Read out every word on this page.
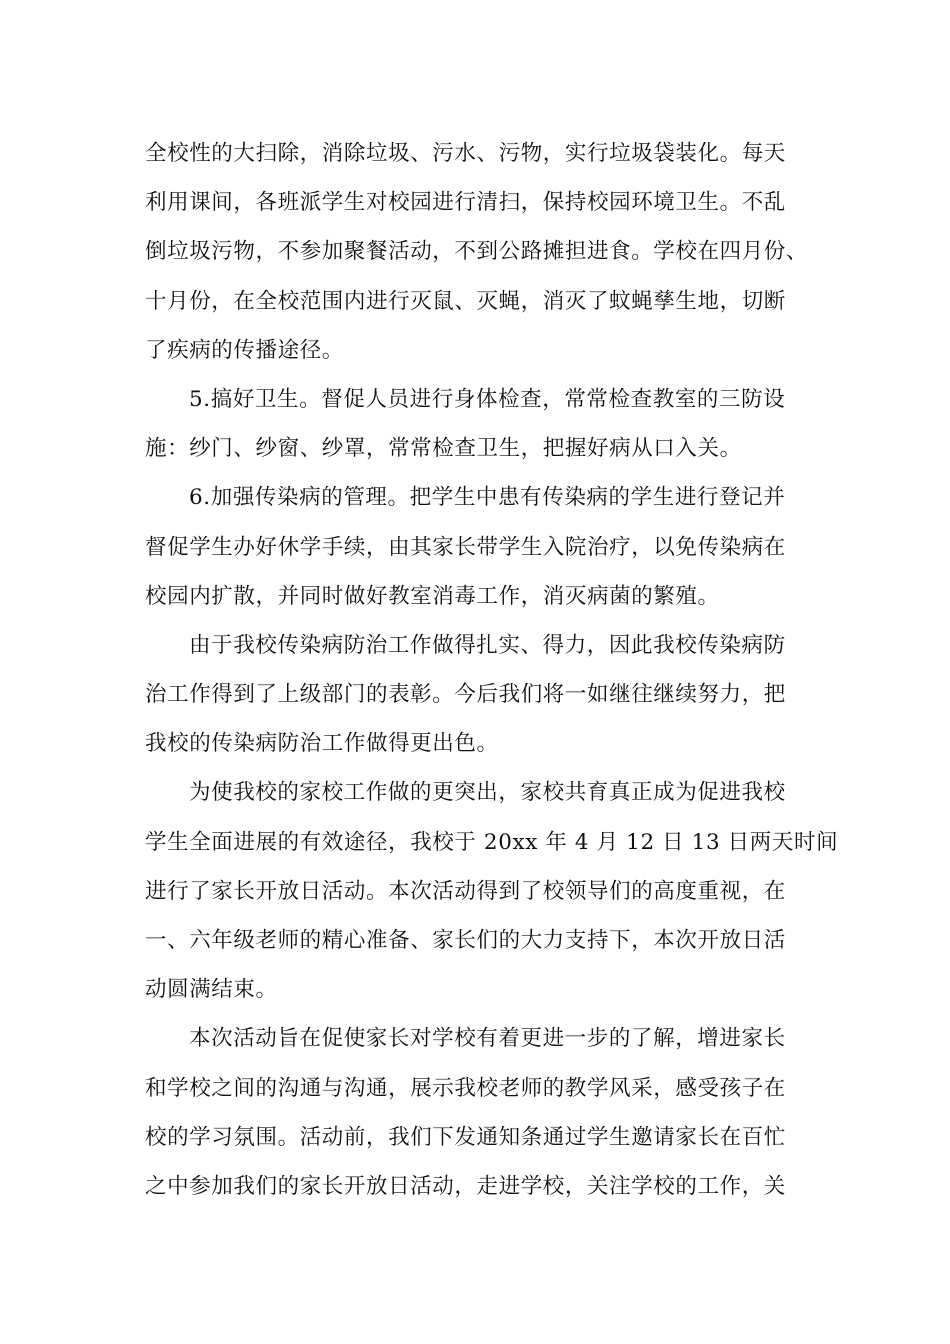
全校性的大扫除，消除垃圾、污水、污物，实行垃圾袋装化。每天
利用课间，各班派学生对校园进行清扫，保持校园环境卫生。不乱
倒垃圾污物，不参加聚餐活动，不到公路摊担进食。学校在四月份、
十月份，在全校范围内进行灭鼠、灭蝇，消灭了蚊蝇孳生地，切断
了疾病的传播途径。

5.搞好卫生。督促人员进行身体检查，常常检查教室的三防设
施：纱门、纱窗、纱罩，常常检查卫生，把握好病从口入关。

6.加强传染病的管理。把学生中患有传染病的学生进行登记并
督促学生办好休学手续，由其家长带学生入院治疗，以免传染病在
校园内扩散，并同时做好教室消毒工作，消灭病菌的繁殖。

由于我校传染病防治工作做得扎实、得力，因此我校传染病防
治工作得到了上级部门的表彰。今后我们将一如继往继续努力，把
我校的传染病防治工作做得更出色。

为使我校的家校工作做的更突出，家校共育真正成为促进我校
学生全面进展的有效途径，我校于 20xx 年 4 月 12 日 13 日两天时间
进行了家长开放日活动。本次活动得到了校领导们的高度重视，在
一、六年级老师的精心准备、家长们的大力支持下，本次开放日活
动圆满结束。

本次活动旨在促使家长对学校有着更进一步的了解，增进家长
和学校之间的沟通与沟通，展示我校老师的教学风采，感受孩子在
校的学习氛围。活动前，我们下发通知条通过学生邀请家长在百忙
之中参加我们的家长开放日活动，走进学校，关注学校的工作，关
